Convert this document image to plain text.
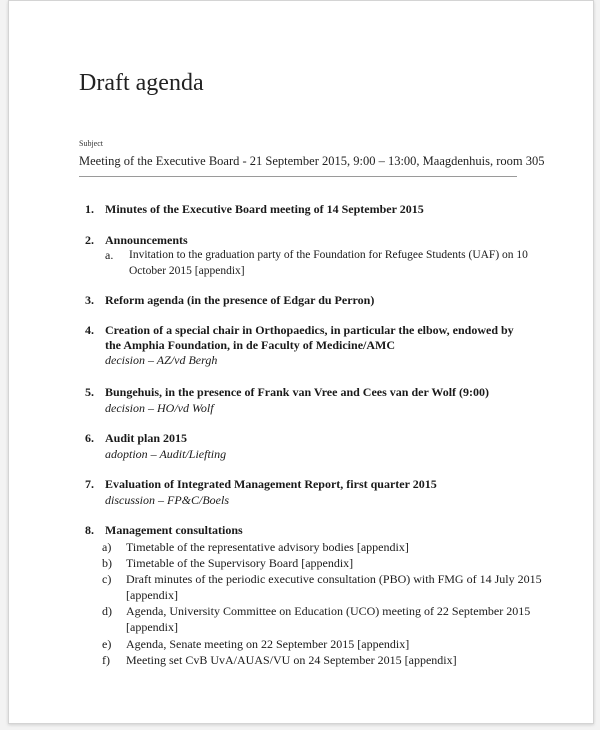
Draft agenda
Subject
Meeting of the Executive Board - 21 September 2015, 9:00 – 13:00, Maagdenhuis, room 305
1. Minutes of the Executive Board meeting of 14 September 2015
2. Announcements
a. Invitation to the graduation party of the Foundation for Refugee Students (UAF) on 10 October 2015 [appendix]
3. Reform agenda (in the presence of Edgar du Perron)
4. Creation of a special chair in Orthopaedics, in particular the elbow, endowed by the Amphia Foundation, in de Faculty of Medicine/AMC
decision – AZ/vd Bergh
5. Bungehuis, in the presence of Frank van Vree and Cees van der Wolf (9:00)
decision – HO/vd Wolf
6. Audit plan 2015
adoption – Audit/Liefting
7. Evaluation of Integrated Management Report, first quarter 2015
discussion – FP&C/Boels
8. Management consultations
a) Timetable of the representative advisory bodies [appendix]
b) Timetable of the Supervisory Board [appendix]
c) Draft minutes of the periodic executive consultation (PBO) with FMG of 14 July 2015 [appendix]
d) Agenda, University Committee on Education (UCO) meeting of 22 September 2015 [appendix]
e) Agenda, Senate meeting on 22 September 2015 [appendix]
f) Meeting set CvB UvA/AUAS/VU on 24 September 2015 [appendix]
